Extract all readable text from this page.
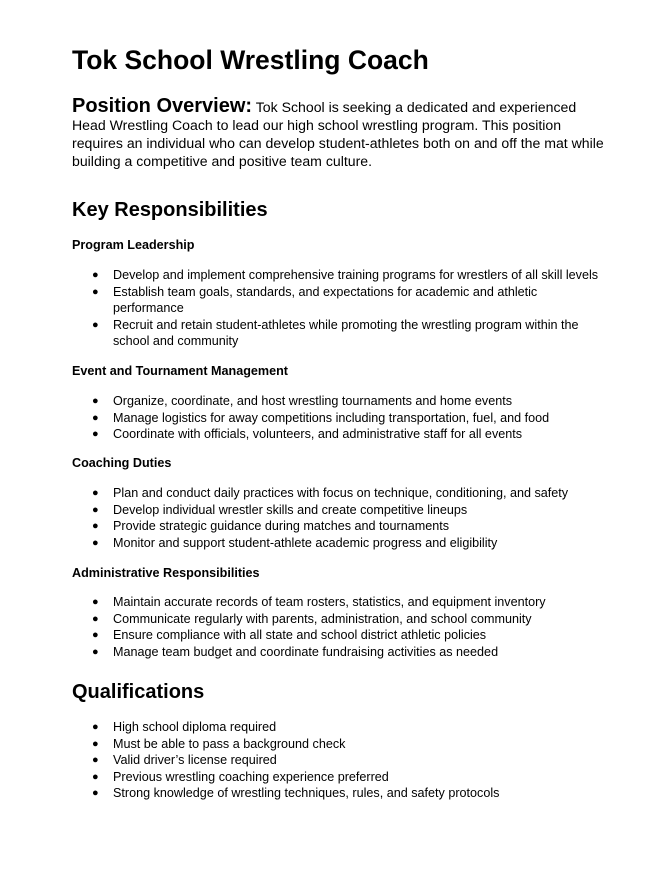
Tok School Wrestling Coach

Position Overview: Tok School is seeking a dedicated and experienced Head Wrestling Coach to lead our high school wrestling program. This position requires an individual who can develop student-athletes both on and off the mat while building a competitive and positive team culture.

Key Responsibilities
Program Leadership
● Develop and implement comprehensive training programs for wrestlers of all skill levels
● Establish team goals, standards, and expectations for academic and athletic performance
● Recruit and retain student-athletes while promoting the wrestling program within the school and community
Event and Tournament Management
● Organize, coordinate, and host wrestling tournaments and home events
● Manage logistics for away competitions including transportation, fuel, and food
● Coordinate with officials, volunteers, and administrative staff for all events
Coaching Duties
● Plan and conduct daily practices with focus on technique, conditioning, and safety
● Develop individual wrestler skills and create competitive lineups
● Provide strategic guidance during matches and tournaments
● Monitor and support student-athlete academic progress and eligibility
Administrative Responsibilities
● Maintain accurate records of team rosters, statistics, and equipment inventory
● Communicate regularly with parents, administration, and school community
● Ensure compliance with all state and school district athletic policies
● Manage team budget and coordinate fundraising activities as needed
Qualifications
● High school diploma required
● Must be able to pass a background check
● Valid driver’s license required
● Previous wrestling coaching experience preferred
● Strong knowledge of wrestling techniques, rules, and safety protocols
